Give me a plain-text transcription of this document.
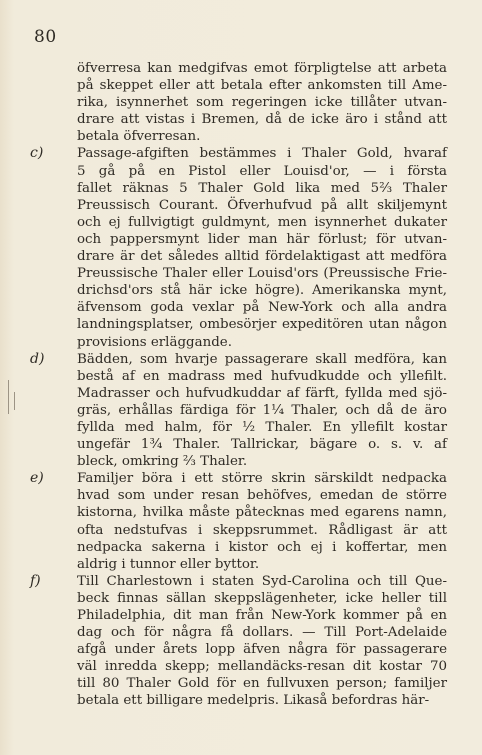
80
öfverresa kan medgifvas emot förpligtelse att arbeta
på skeppet eller att betala efter ankomsten till Ame-
rika, isynnerhet som regeringen icke tillåter utvan-
drare att vistas i Bremen, då de icke äro i stånd att
betala öfverresan.
c)	Passage-afgiften bestämmes i Thaler Gold, hvaraf
5 gå på en Pistol eller Louisd'or, — i första
fallet räknas 5 Thaler Gold lika med 5²⁄₃ Thaler
Preussisch Courant. Öfverhufvud på allt skiljemynt
och ej fullvigtigt guldmynt, men isynnerhet dukater
och pappersmynt lider man här förlust; för utvan-
drare är det således alltid fördelaktigast att medföra
Preussische Thaler eller Louisd'ors (Preussische Frie-
drichsd'ors stå här icke högre). Amerikanska mynt,
äfvensom goda vexlar på New-York och alla andra
landningsplatser, ombesörjer expeditören utan någon
provisions erläggande.
d) Bädden, som hvarje passagerare skall medföra, kan
bestå af en madrass med hufvudkudde och yllefilt.
Madrasser och hufvudkuddar af färft, fyllda med sjö-
gräs, erhållas färdiga för 1¹⁄₄ Thaler, och då de äro
fyllda med halm, för ¹⁄₂ Thaler. En yllefilt kostar
ungefär 1³⁄₄ Thaler. Tallrickar, bägare o. s. v. af
bleck, omkring ²⁄₃ Thaler.
e) Familjer böra i ett större skrin särskildt nedpacka
hvad som under resan behöfves, emedan de större
kistorna, hvilka måste påtecknas med egarens namn,
ofta nedstufvas i skeppsrummet. Rådligast är att
nedpacka sakerna i kistor och ej i koffertar, men
aldrig i tunnor eller byttor.
f)	Till Charlestown i staten Syd-Carolina och till Que-
beck finnas sällan skeppslägenheter, icke heller till
Philadelphia, dit man från New-York kommer på en
dag och för några få dollars. — Till Port-Adelaide
afgå under årets lopp äfven några för passagerare
väl inredda skepp; mellandäcks-resan dit kostar 70
till 80 Thaler Gold för en fullvuxen person; familjer
betala ett billigare medelpris. Likaså befordras här-
